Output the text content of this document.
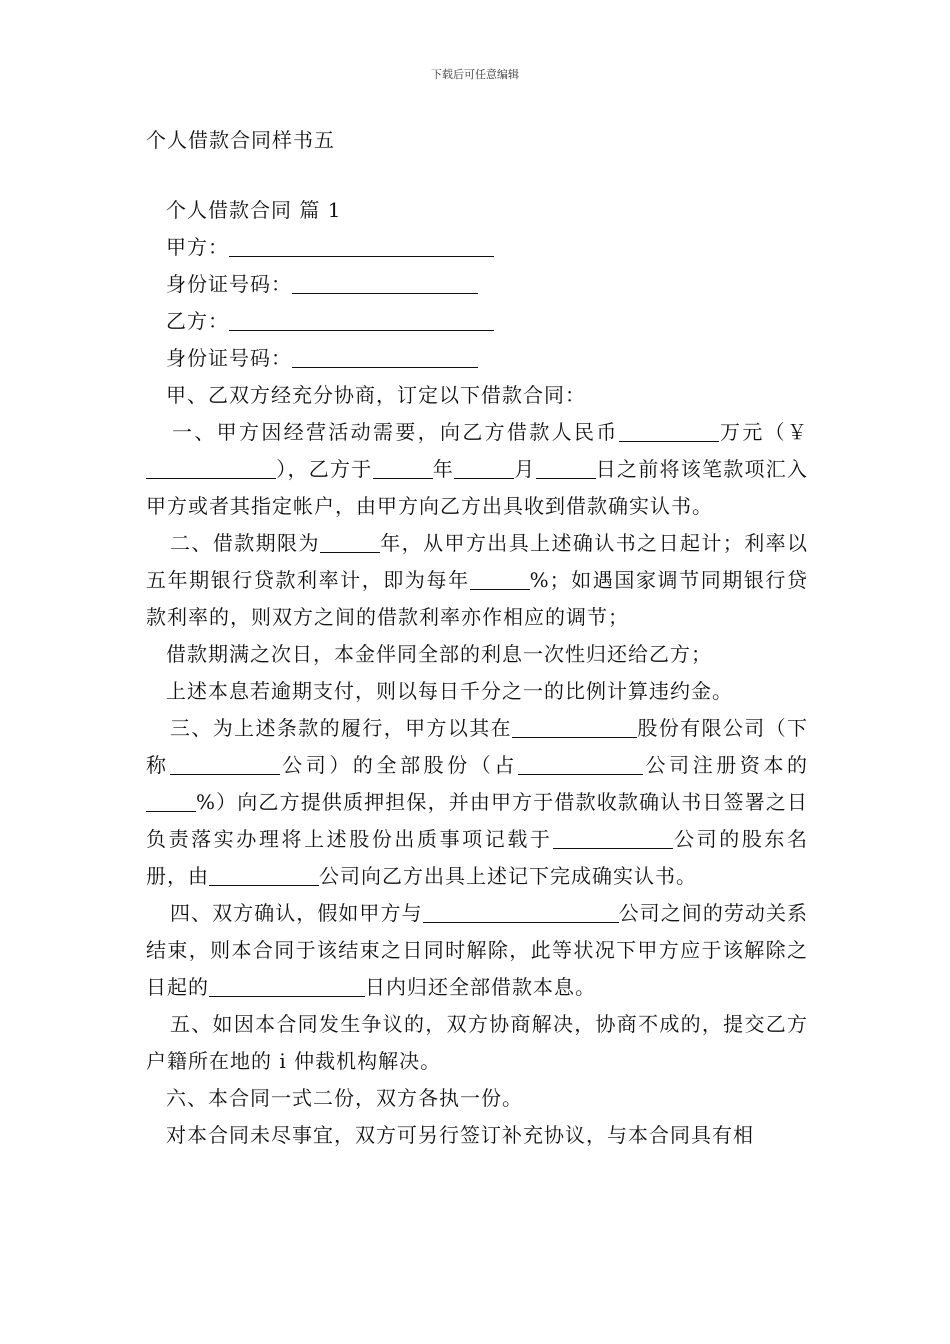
下载后可任意编辑
个人借款合同样书五

个人借款合同 篇 1

甲方：

身份证号码：

乙方：

身份证号码：

甲、乙双方经充分协商，订定以下借款合同：

一、甲方因经营活动需要，向乙方借款人民币	万元（￥），乙方于	年	月	日之前将该笔款项汇入甲方或者其指定帐户，由甲方向乙方出具收到借款确实认书。

二、借款期限为	年，从甲方出具上述确认书之日起计；利率以五年期银行贷款利率计，即为每年	%；如遇国家调节同期银行贷款利率的，则双方之间的借款利率亦作相应的调节；

借款期满之次日，本金伴同全部的利息一次性归还给乙方；

上述本息若逾期支付，则以每日千分之一的比例计算违约金。

三、为上述条款的履行，甲方以其在	股份有限公司（下称	公司）的全部股份（占	公司注册资本的%）向乙方提供质押担保，并由甲方于借款收款确认书日签署之日负责落实办理将上述股份出质事项记载于	公司的股东名册，由	公司向乙方出具上述记下完成确实认书。

四、双方确认，假如甲方与	公司之间的劳动关系结束，则本合同于该结束之日同时解除，此等状况下甲方应于该解除之日起的	日内归还全部借款本息。

五、如因本合同发生争议的，双方协商解决，协商不成的，提交乙方户籍所在地的 i 仲裁机构解决。

六、本合同一式二份，双方各执一份。

对本合同未尽事宜，双方可另行签订补充协议，与本合同具有相
